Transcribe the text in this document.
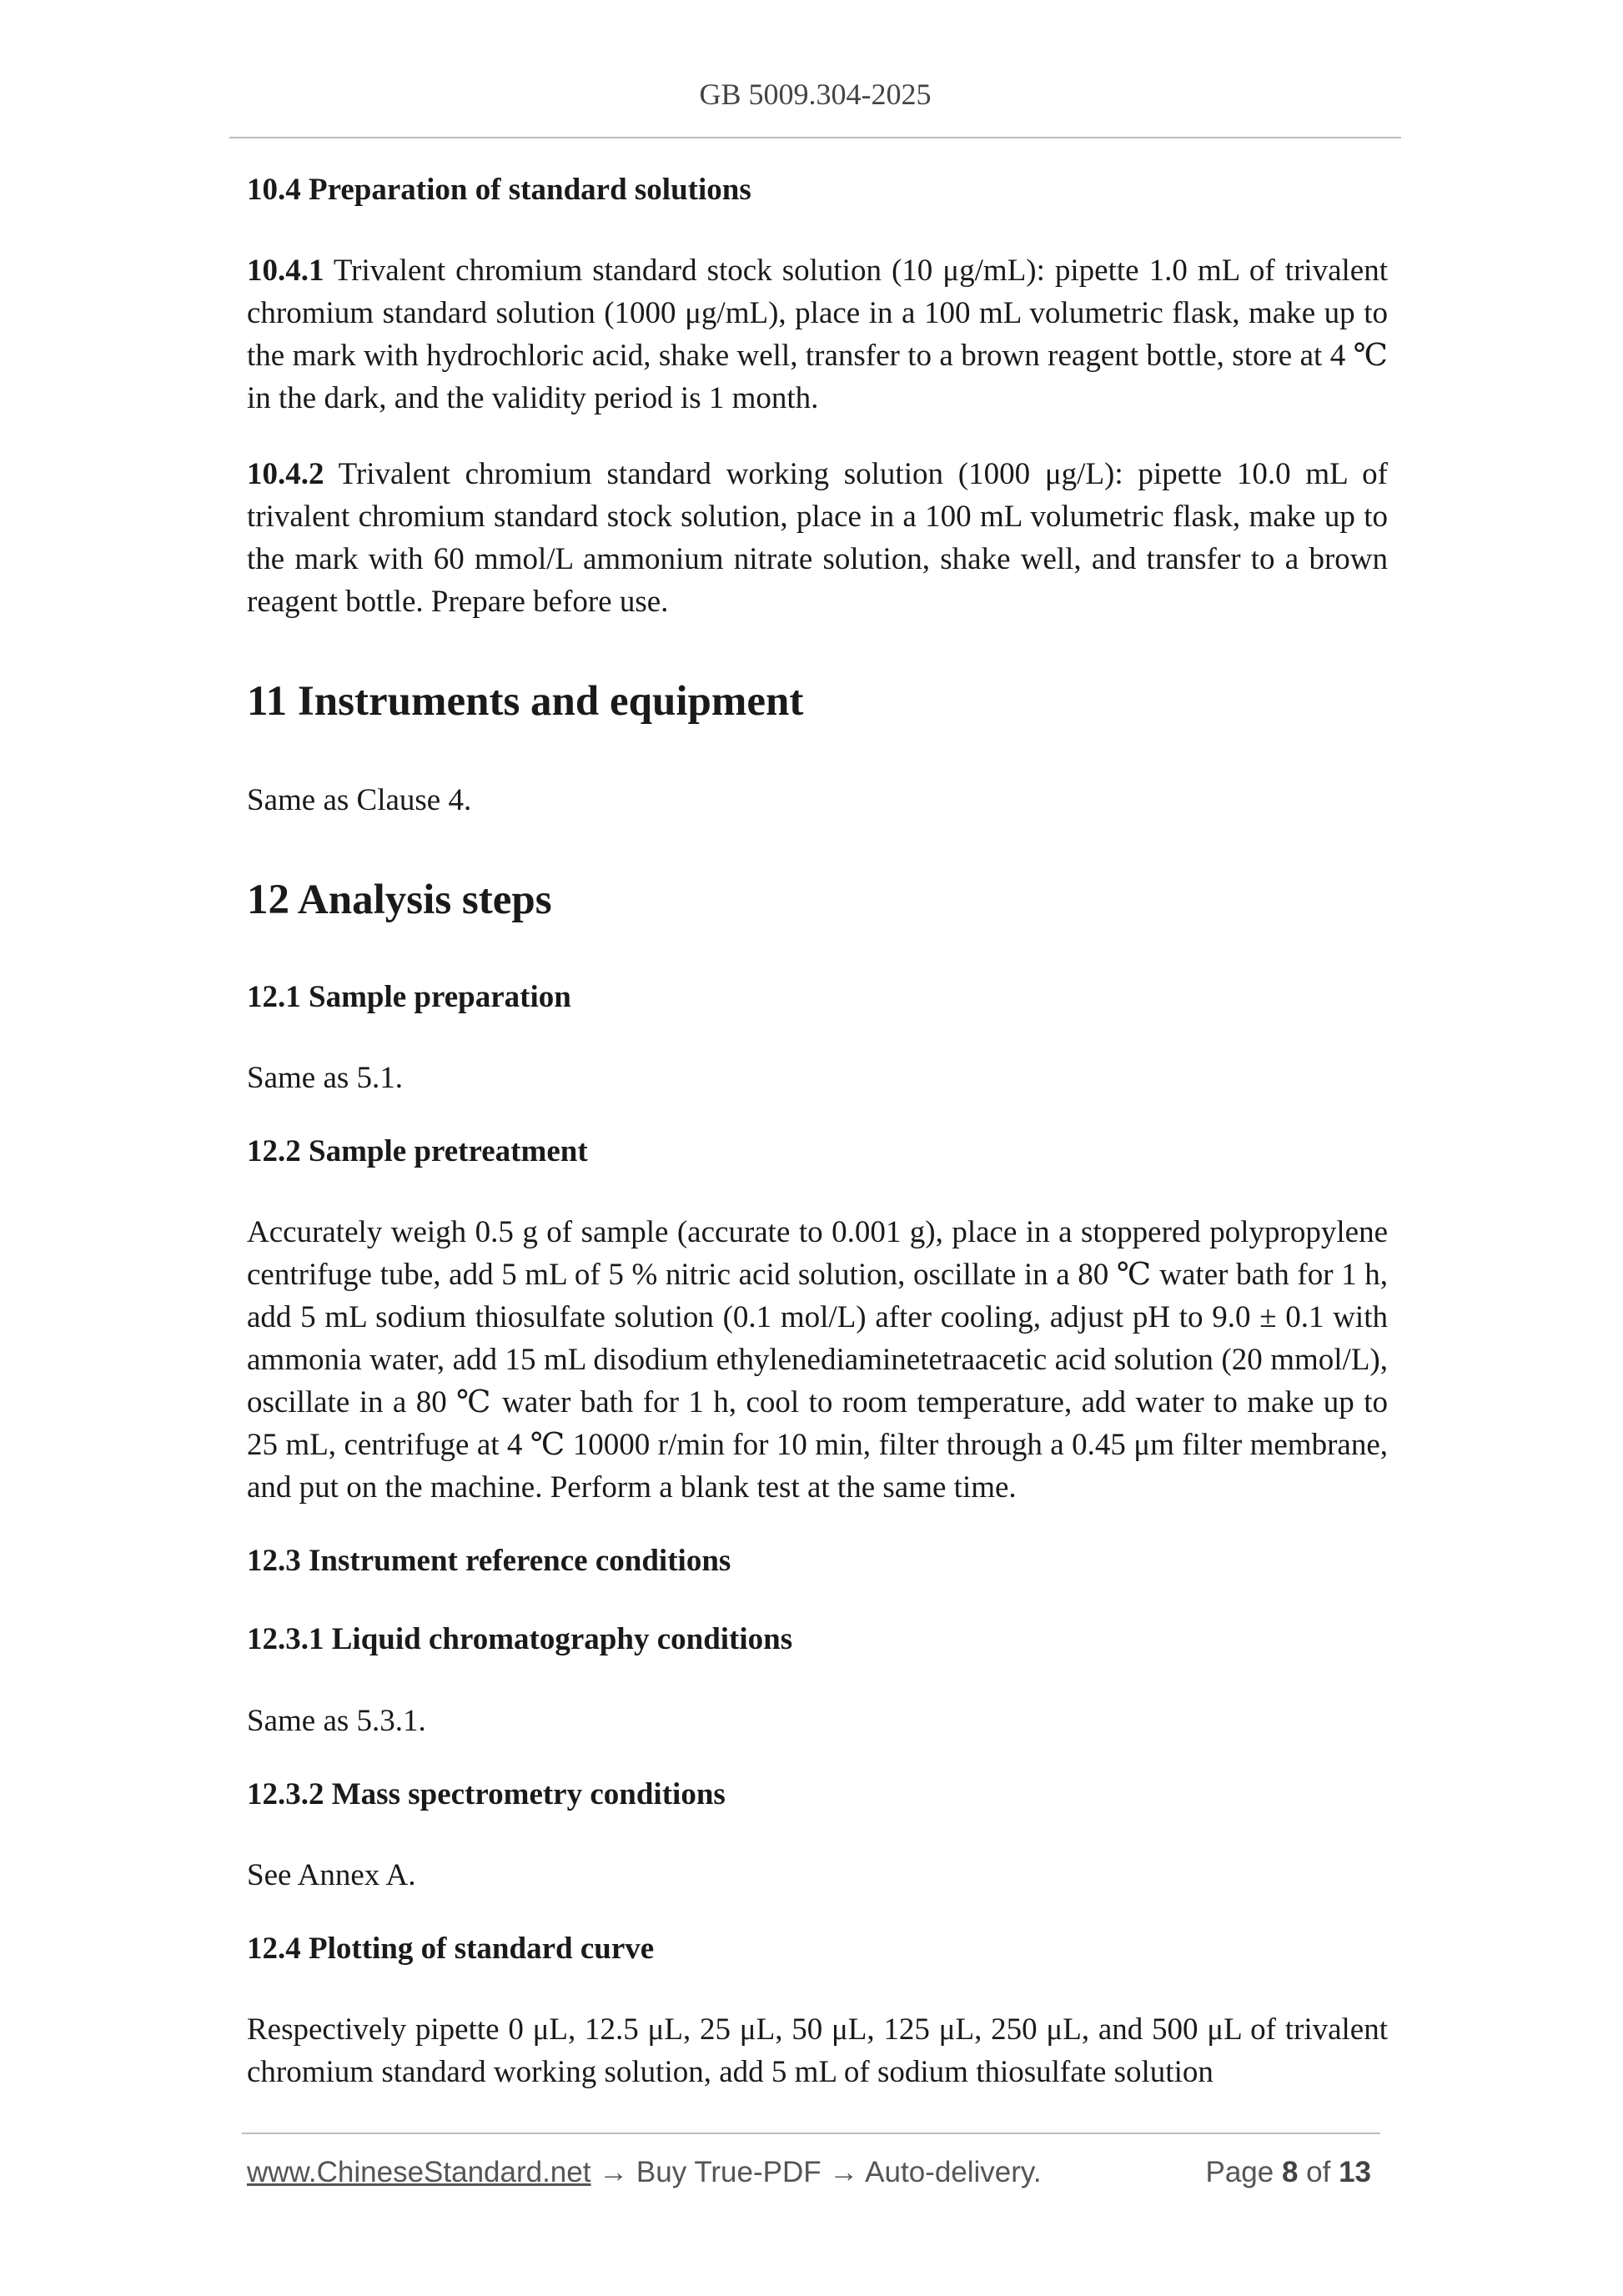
GB 5009.304-2025
10.4 Preparation of standard solutions

10.4.1 Trivalent chromium standard stock solution (10 μg/mL): pipette 1.0 mL of trivalent chromium standard solution (1000 μg/mL), place in a 100 mL volumetric flask, make up to the mark with hydrochloric acid, shake well, transfer to a brown reagent bottle, store at 4 ℃ in the dark, and the validity period is 1 month.

10.4.2 Trivalent chromium standard working solution (1000 μg/L): pipette 10.0 mL of trivalent chromium standard stock solution, place in a 100 mL volumetric flask, make up to the mark with 60 mmol/L ammonium nitrate solution, shake well, and transfer to a brown reagent bottle. Prepare before use.

11 Instruments and equipment

Same as Clause 4.

12 Analysis steps
12.1 Sample preparation

Same as 5.1.

12.2 Sample pretreatment

Accurately weigh 0.5 g of sample (accurate to 0.001 g), place in a stoppered polypropylene centrifuge tube, add 5 mL of 5 % nitric acid solution, oscillate in a 80 ℃ water bath for 1 h, add 5 mL sodium thiosulfate solution (0.1 mol/L) after cooling, adjust pH to 9.0 ± 0.1 with ammonia water, add 15 mL disodium ethylenediaminetetraacetic acid solution (20 mmol/L), oscillate in a 80 ℃ water bath for 1 h, cool to room temperature, add water to make up to 25 mL, centrifuge at 4 ℃ 10000 r/min for 10 min, filter through a 0.45 μm filter membrane, and put on the machine. Perform a blank test at the same time.

12.3 Instrument reference conditions
12.3.1 Liquid chromatography conditions

Same as 5.3.1.

12.3.2 Mass spectrometry conditions

See Annex A.

12.4 Plotting of standard curve

Respectively pipette 0 μL, 12.5 μL, 25 μL, 50 μL, 125 μL, 250 μL, and 500 μL of trivalent chromium standard working solution, add 5 mL of sodium thiosulfate solution

www.ChineseStandard.net → Buy True-PDF → Auto-delivery.	Page 8 of 13
